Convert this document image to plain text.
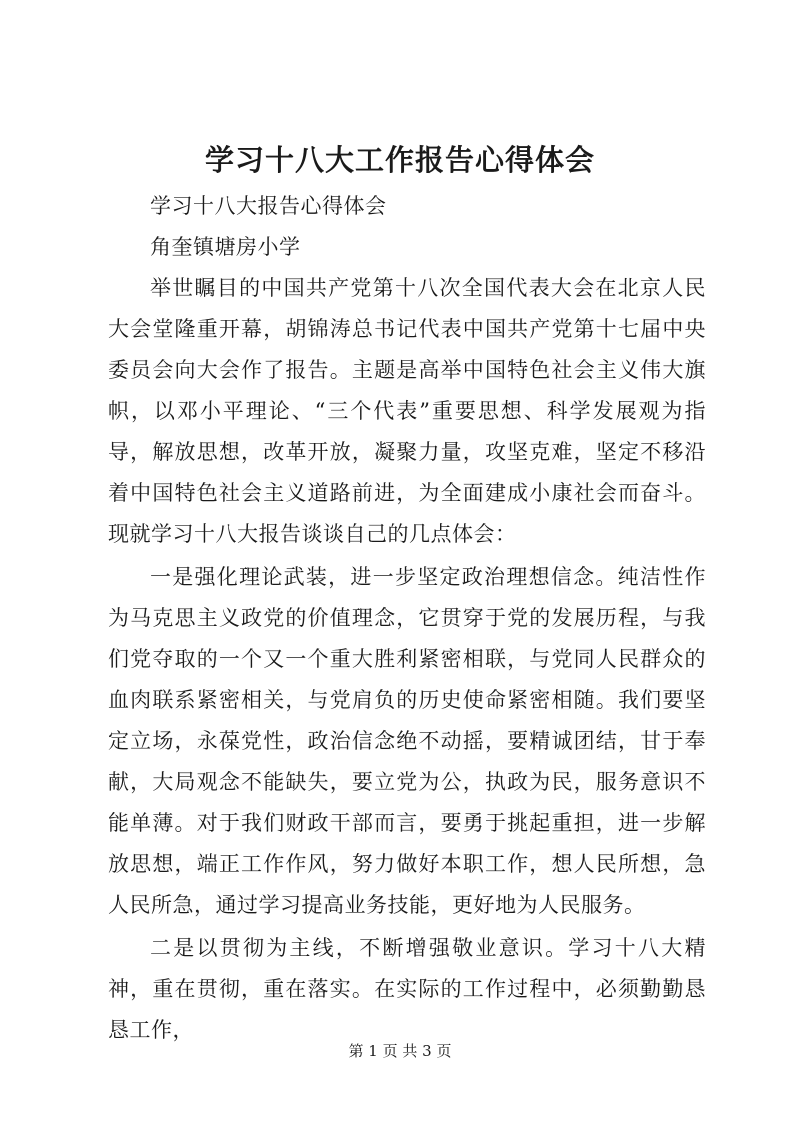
学习十八大工作报告心得体会

学习十八大报告心得体会

角奎镇塘房小学

举世瞩目的中国共产党第十八次全国代表大会在北京人民大会堂隆重开幕，胡锦涛总书记代表中国共产党第十七届中央委员会向大会作了报告。主题是高举中国特色社会主义伟大旗帜，以邓小平理论、“三个代表”重要思想、科学发展观为指导，解放思想，改革开放，凝聚力量，攻坚克难，坚定不移沿着中国特色社会主义道路前进，为全面建成小康社会而奋斗。现就学习十八大报告谈谈自己的几点体会：

一是强化理论武装，进一步坚定政治理想信念。纯洁性作为马克思主义政党的价值理念，它贯穿于党的发展历程，与我们党夺取的一个又一个重大胜利紧密相联，与党同人民群众的血肉联系紧密相关，与党肩负的历史使命紧密相随。我们要坚定立场，永葆党性，政治信念绝不动摇，要精诚团结，甘于奉献，大局观念不能缺失，要立党为公，执政为民，服务意识不能单薄。对于我们财政干部而言，要勇于挑起重担，进一步解放思想，端正工作作风，努力做好本职工作，想人民所想，急人民所急，通过学习提高业务技能，更好地为人民服务。

二是以贯彻为主线，不断增强敬业意识。学习十八大精神，重在贯彻，重在落实。在实际的工作过程中，必须勤勤恳恳工作，

第 1 页 共 3 页
